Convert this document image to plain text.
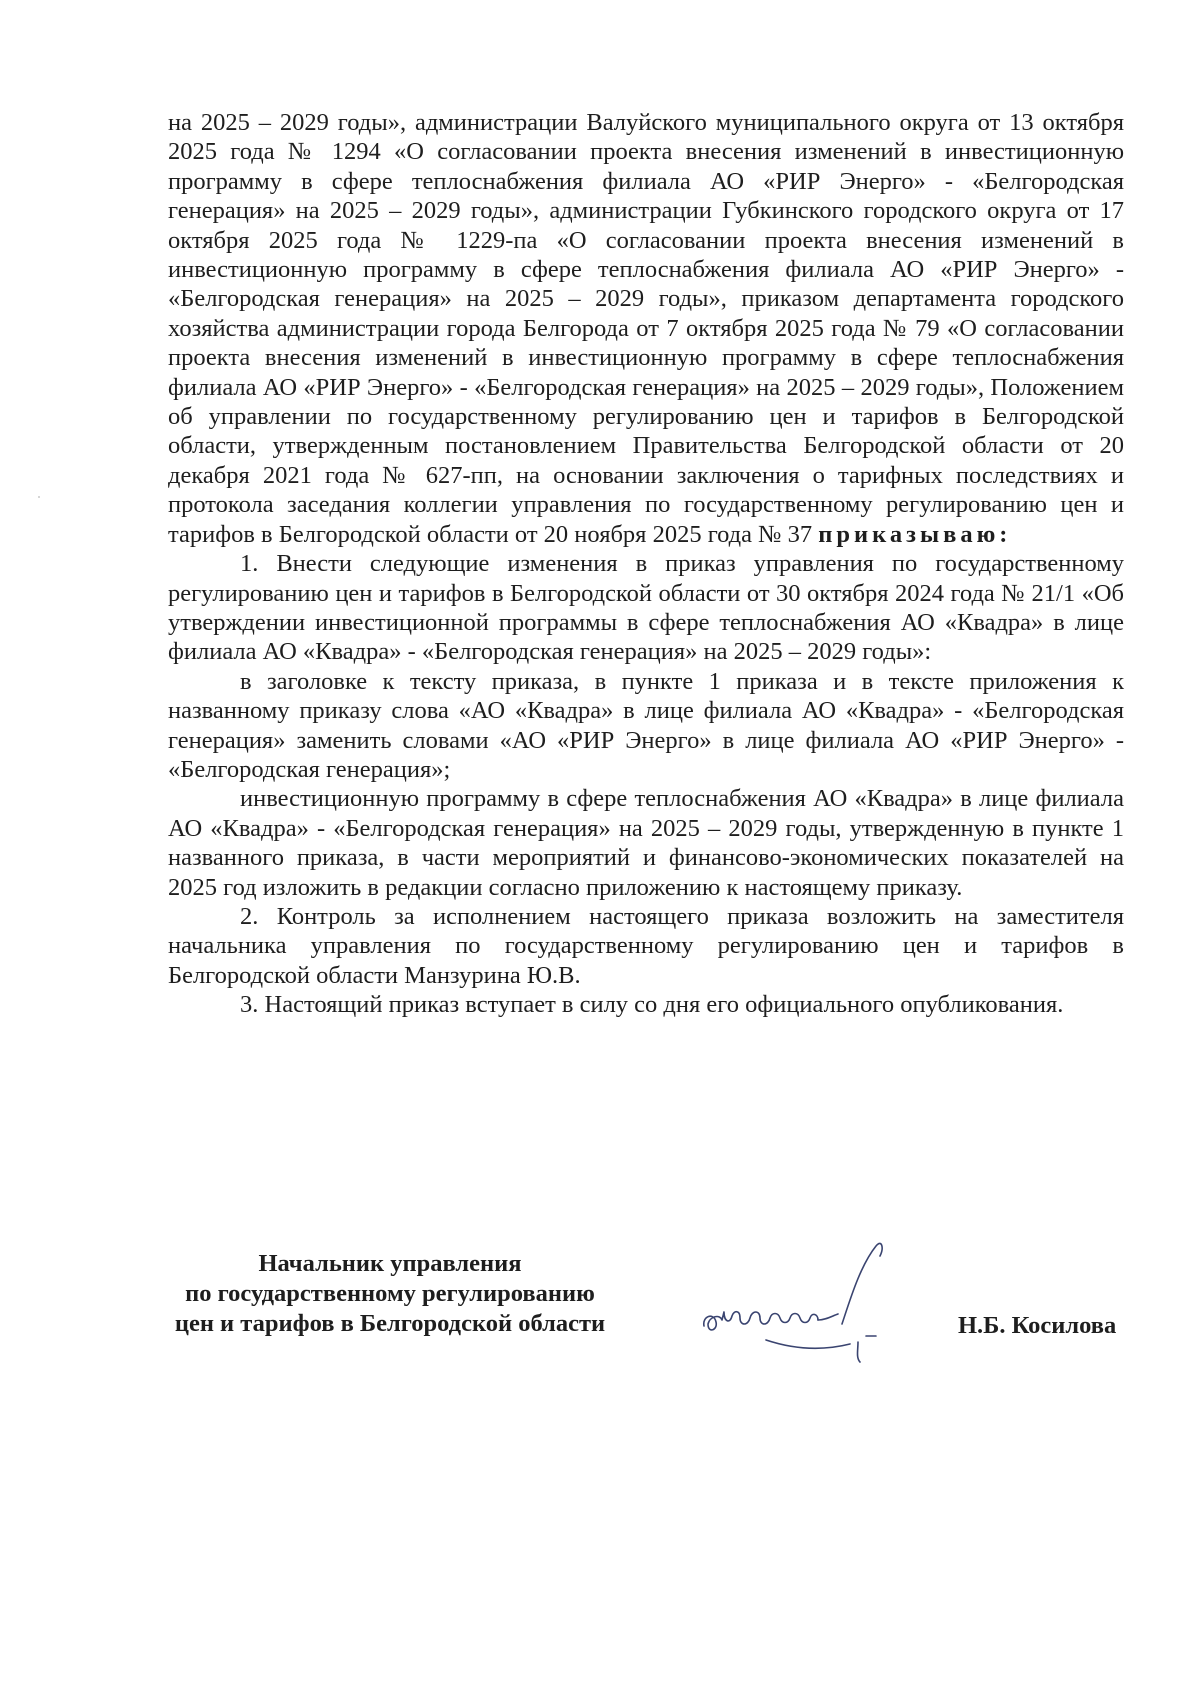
на 2025 – 2029 годы», администрации Валуйского муниципального округа от 13 октября 2025 года № 1294 «О согласовании проекта внесения изменений в инвестиционную программу в сфере теплоснабжения филиала АО «РИР Энерго» - «Белгородская генерация» на 2025 – 2029 годы», администрации Губкинского городского округа от 17 октября 2025 года № 1229-па «О согласовании проекта внесения изменений в инвестиционную программу в сфере теплоснабжения филиала АО «РИР Энерго» - «Белгородская генерация» на 2025 – 2029 годы», приказом департамента городского хозяйства администрации города Белгорода от 7 октября 2025 года № 79 «О согласовании проекта внесения изменений в инвестиционную программу в сфере теплоснабжения филиала АО «РИР Энерго» - «Белгородская генерация» на 2025 – 2029 годы», Положением об управлении по государственному регулированию цен и тарифов в Белгородской области, утвержденным постановлением Правительства Белгородской области от 20 декабря 2021 года № 627-пп, на основании заключения о тарифных последствиях и протокола заседания коллегии управления по государственному регулированию цен и тарифов в Белгородской области от 20 ноября 2025 года № 37 приказываю:

1. Внести следующие изменения в приказ управления по государственному регулированию цен и тарифов в Белгородской области от 30 октября 2024 года № 21/1 «Об утверждении инвестиционной программы в сфере теплоснабжения АО «Квадра» в лице филиала АО «Квадра» - «Белгородская генерация» на 2025 – 2029 годы»:

в заголовке к тексту приказа, в пункте 1 приказа и в тексте приложения к названному приказу слова «АО «Квадра» в лице филиала АО «Квадра» - «Белгородская генерация» заменить словами «АО «РИР Энерго» в лице филиала АО «РИР Энерго» - «Белгородская генерация»;

инвестиционную программу в сфере теплоснабжения АО «Квадра» в лице филиала АО «Квадра» - «Белгородская генерация» на 2025 – 2029 годы, утвержденную в пункте 1 названного приказа, в части мероприятий и финансово-экономических показателей на 2025 год изложить в редакции согласно приложению к настоящему приказу.

2. Контроль за исполнением настоящего приказа возложить на заместителя начальника управления по государственному регулированию цен и тарифов в Белгородской области Манзурина Ю.В.

3. Настоящий приказ вступает в силу со дня его официального опубликования.

Начальник управления
по государственному регулированию
цен и тарифов в Белгородской области	Н.Б. Косилова
